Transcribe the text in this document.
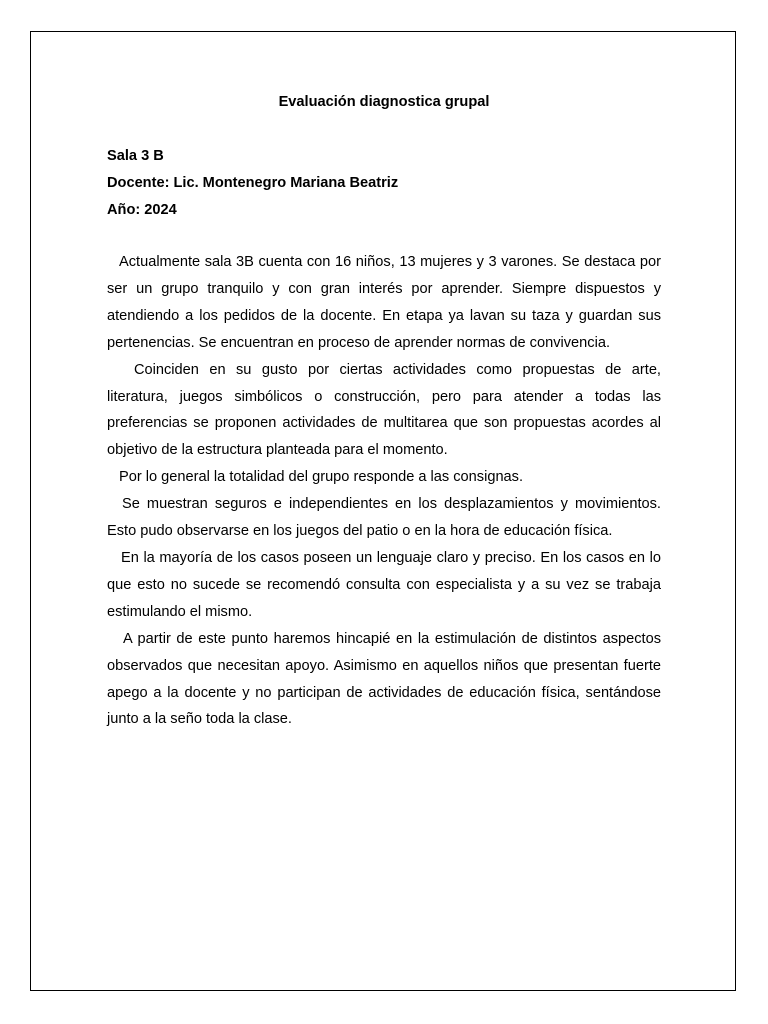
Evaluación diagnostica grupal

Sala 3 B

Docente: Lic. Montenegro Mariana Beatriz

Año: 2024

Actualmente sala 3B cuenta con 16 niños, 13 mujeres y 3 varones. Se destaca por ser un grupo tranquilo y con gran interés por aprender. Siempre dispuestos y atendiendo a los pedidos de la docente. En etapa ya lavan su taza y guardan sus pertenencias. Se encuentran en proceso de aprender normas de convivencia.

Coinciden en su gusto por ciertas actividades como propuestas de arte, literatura, juegos simbólicos o construcción, pero para atender a todas las preferencias se proponen actividades de multitarea que son propuestas acordes al objetivo de la estructura planteada para el momento.

Por lo general la totalidad del grupo responde a las consignas.

Se muestran seguros e independientes en los desplazamientos y movimientos. Esto pudo observarse en los juegos del patio o en la hora de educación física.

En la mayoría de los casos poseen un lenguaje claro y preciso. En los casos en lo que esto no sucede se recomendó consulta con especialista y a su vez se trabaja estimulando el mismo.

A partir de este punto haremos hincapié en la estimulación de distintos aspectos observados que necesitan apoyo. Asimismo en aquellos niños que presentan fuerte apego a la docente y no participan de actividades de educación física, sentándose junto a la seño toda la clase.
